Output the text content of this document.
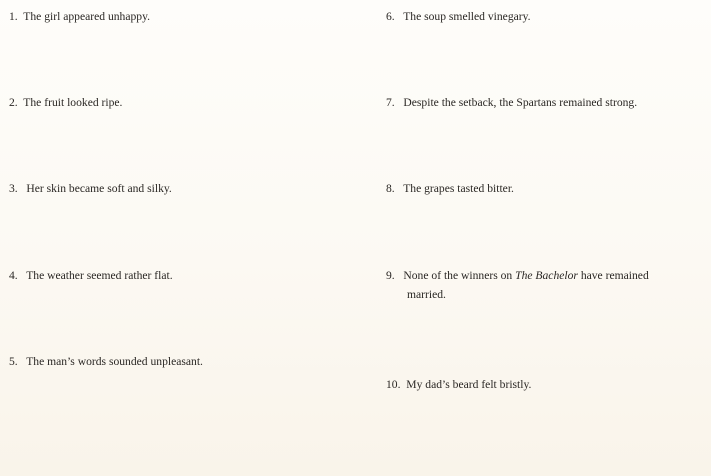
1.  The girl appeared unhappy.

2.  The fruit looked ripe.

3.   Her skin became soft and silky.

4.   The weather seemed rather flat.

5.   The man’s words sounded unpleasant.

6.   The soup smelled vinegary.

7.   Despite the setback, the Spartans remained strong.

8.   The grapes tasted bitter.

9.   None of the winners on The Bachelor have remained
married.

10.  My dad’s beard felt bristly.
